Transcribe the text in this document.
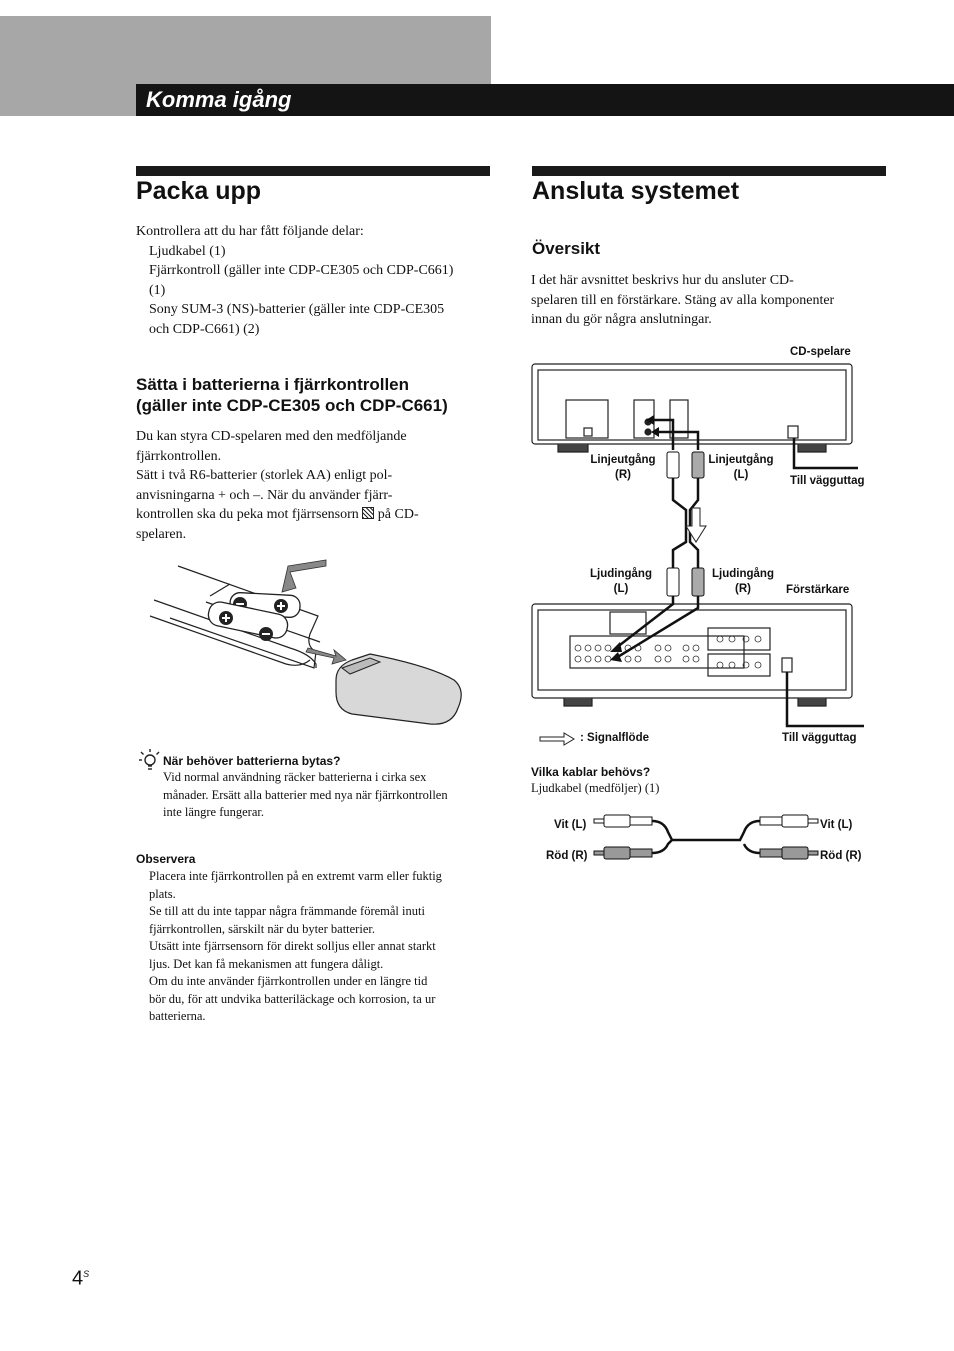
Komma igång
Packa upp
Kontrollera att du har fått följande delar:
Ljudkabel (1)
Fjärrkontroll (gäller inte CDP-CE305 och CDP-C661)
(1)
Sony SUM-3 (NS)-batterier (gäller inte CDP-CE305
och CDP-C661) (2)
Sätta i batterierna i fjärrkontrollen
(gäller inte CDP-CE305 och CDP-C661)
Du kan styra CD-spelaren med den medföljande
fjärrkontrollen.
Sätt i två R6-batterier (storlek AA) enligt pol-
anvisningarna + och –. När du använder fjärr-
kontrollen ska du peka mot fjärrsensorn på CD-
spelaren.
När behöver batterierna bytas?
Vid normal användning räcker batterierna i cirka sex
månader. Ersätt alla batterier med nya när fjärrkontrollen
inte längre fungerar.
Observera
Placera inte fjärrkontrollen på en extremt varm eller fuktig
plats.
Se till att du inte tappar några främmande föremål inuti
fjärrkontrollen, särskilt när du byter batterier.
Utsätt inte fjärrsensorn för direkt solljus eller annat starkt
ljus. Det kan få mekanismen att fungera dåligt.
Om du inte använder fjärrkontrollen under en längre tid
bör du, för att undvika batteriläckage och korrosion, ta ur
batterierna.
Ansluta systemet
Översikt
I det här avsnittet beskrivs hur du ansluter CD-
spelaren till en förstärkare. Stäng av alla komponenter
innan du gör några anslutningar.
CD-spelare
Linjeutgång
(R)
Linjeutgång
(L)	Till vägguttag
Ljudingång
(L)
Ljudingång
(R)	Förstärkare
: Signalflöde	Till vägguttag
Vilka kablar behövs?
Ljudkabel (medföljer) (1)
Vit (L)
Röd (R)
Vit (L)
Röd (R)
$4^S$
